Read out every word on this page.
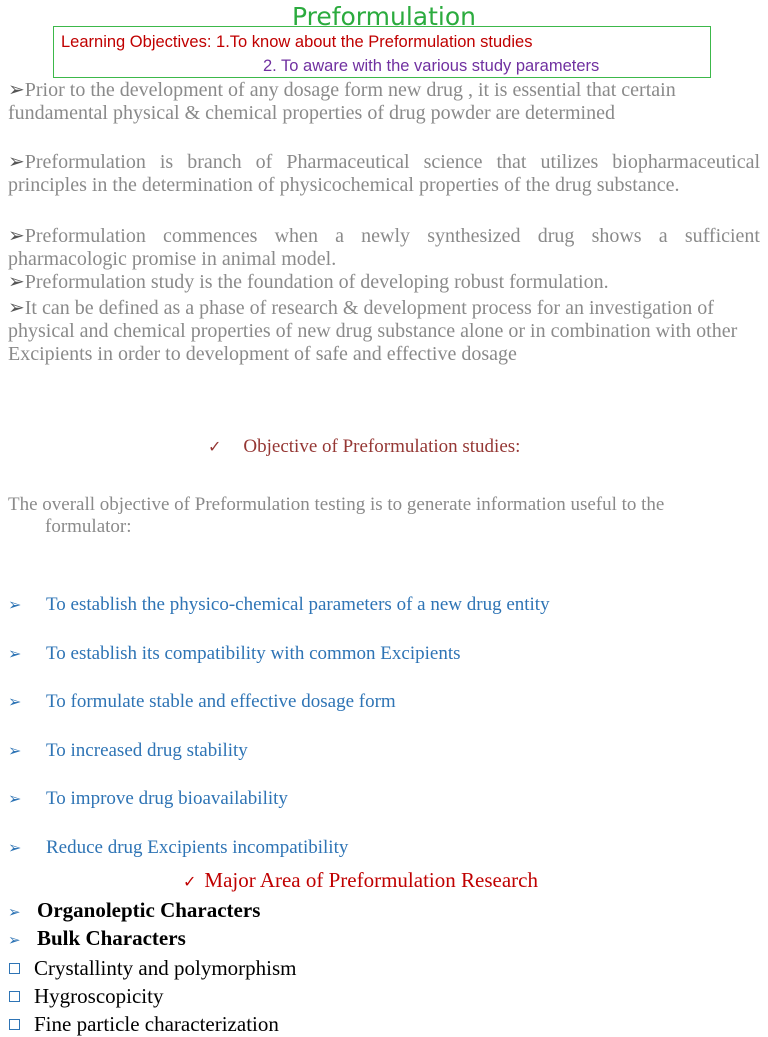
Preformulation
Learning Objectives: 1.To know about the Preformulation studies
2. To aware with the various study parameters
➢Prior to the development of any dosage form new drug , it is essential that certain fundamental physical & chemical properties of drug powder are determined
➢Preformulation is branch of Pharmaceutical science that utilizes biopharmaceutical principles in the determination of physicochemical properties of the drug substance.
➢Preformulation commences when a newly synthesized drug shows a sufficient pharmacologic promise in animal model.
➢Preformulation study is the foundation of developing robust formulation.
➢It can be defined as a phase of research & development process for an investigation of physical and chemical properties of new drug substance alone or in combination with other Excipients in order to development of safe and effective dosage
✓ Objective of Preformulation studies:
The overall objective of Preformulation testing is to generate information useful to the
formulator:
➢ To establish the physico-chemical parameters of a new drug entity
➢ To establish its compatibility with common Excipients
➢ To formulate stable and effective dosage form
➢ To increased drug stability
➢ To improve drug bioavailability
➢ Reduce drug Excipients incompatibility
✓ Major Area of Preformulation Research
➢ Organoleptic Characters
➢ Bulk Characters
Crystallinty and polymorphism
Hygroscopicity
Fine particle characterization
